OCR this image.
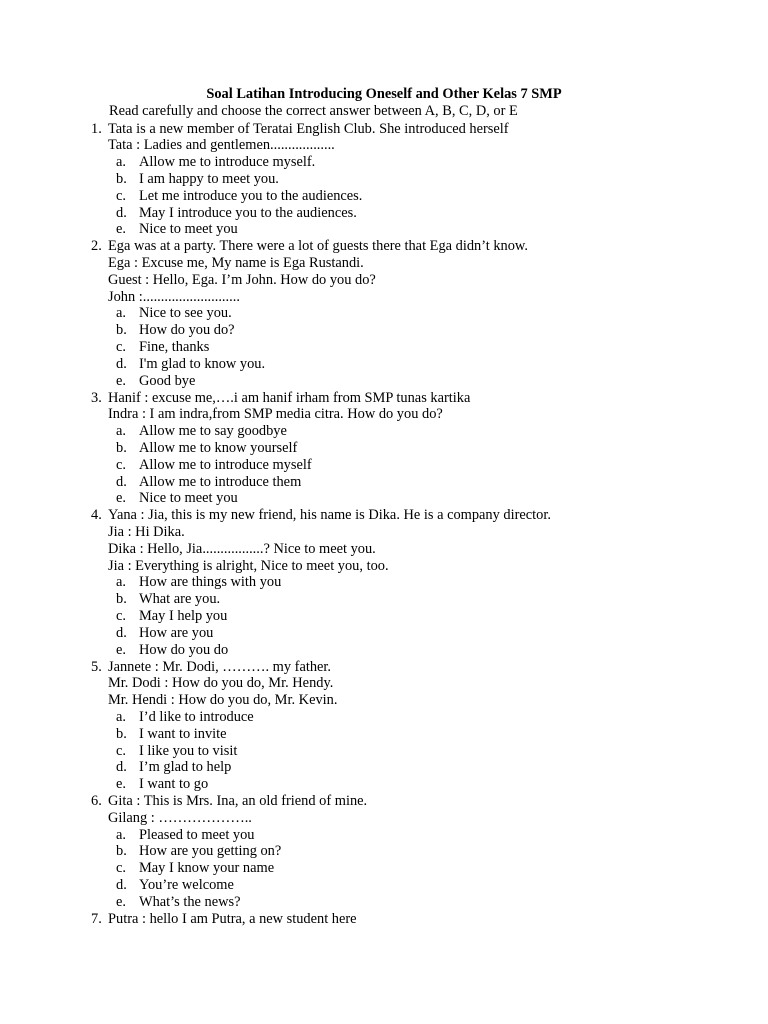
Soal Latihan Introducing Oneself and Other Kelas 7 SMP
Read carefully and choose the correct answer between A, B, C, D, or E
1. Tata is a new member of Teratai English Club. She introduced herself
Tata : Ladies and gentlemen..................
a. Allow me to introduce myself.
b. I am happy to meet you.
c. Let me introduce you to the audiences.
d. May I introduce you to the audiences.
e. Nice to meet you
2. Ega was at a party. There were a lot of guests there that Ega didn’t know.
Ega : Excuse me, My name is Ega Rustandi.
Guest : Hello, Ega. I’m John. How do you do?
John :...........................
a. Nice to see you.
b. How do you do?
c. Fine, thanks
d. I'm glad to know you.
e. Good bye
3. Hanif : excuse me,….i am hanif irham from SMP tunas kartika
Indra : I am indra,from SMP media citra. How do you do?
a. Allow me to say goodbye
b. Allow me to know yourself
c. Allow me to introduce myself
d. Allow me to introduce them
e. Nice to meet you
4. Yana : Jia, this is my new friend, his name is Dika. He is a company director.
Jia : Hi Dika.
Dika : Hello, Jia.................? Nice to meet you.
Jia : Everything is alright, Nice to meet you, too.
a. How are things with you
b. What are you.
c. May I help you
d. How are you
e. How do you do
5. Jannete : Mr. Dodi, ………. my father.
Mr. Dodi : How do you do, Mr. Hendy.
Mr. Hendi : How do you do, Mr. Kevin.
a. I’d like to introduce
b. I want to invite
c. I like you to visit
d. I’m glad to help
e. I want to go
6. Gita : This is Mrs. Ina, an old friend of mine.
Gilang : ………………..
a. Pleased to meet you
b. How are you getting on?
c. May I know your name
d. You’re welcome
e. What’s the news?
7. Putra : hello I am Putra, a new student here
